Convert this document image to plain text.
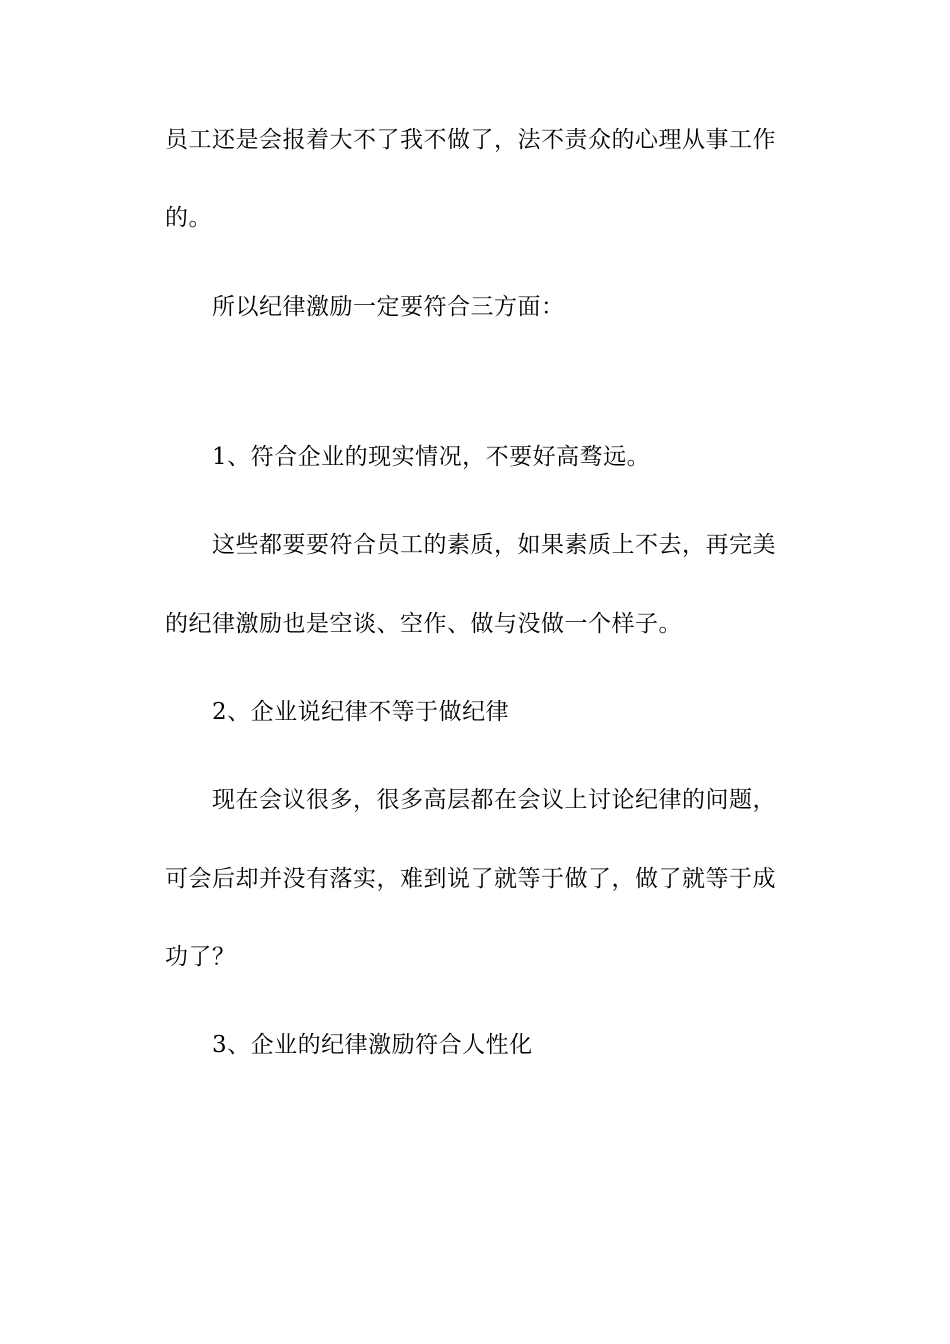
员工还是会报着大不了我不做了，法不责众的心理从事工作
的。
所以纪律激励一定要符合三方面：
1、符合企业的现实情况，不要好高骛远。
这些都要要符合员工的素质，如果素质上不去，再完美
的纪律激励也是空谈、空作、做与没做一个样子。
2、企业说纪律不等于做纪律
现在会议很多，很多高层都在会议上讨论纪律的问题，
可会后却并没有落实，难到说了就等于做了，做了就等于成
功了？
3、企业的纪律激励符合人性化
